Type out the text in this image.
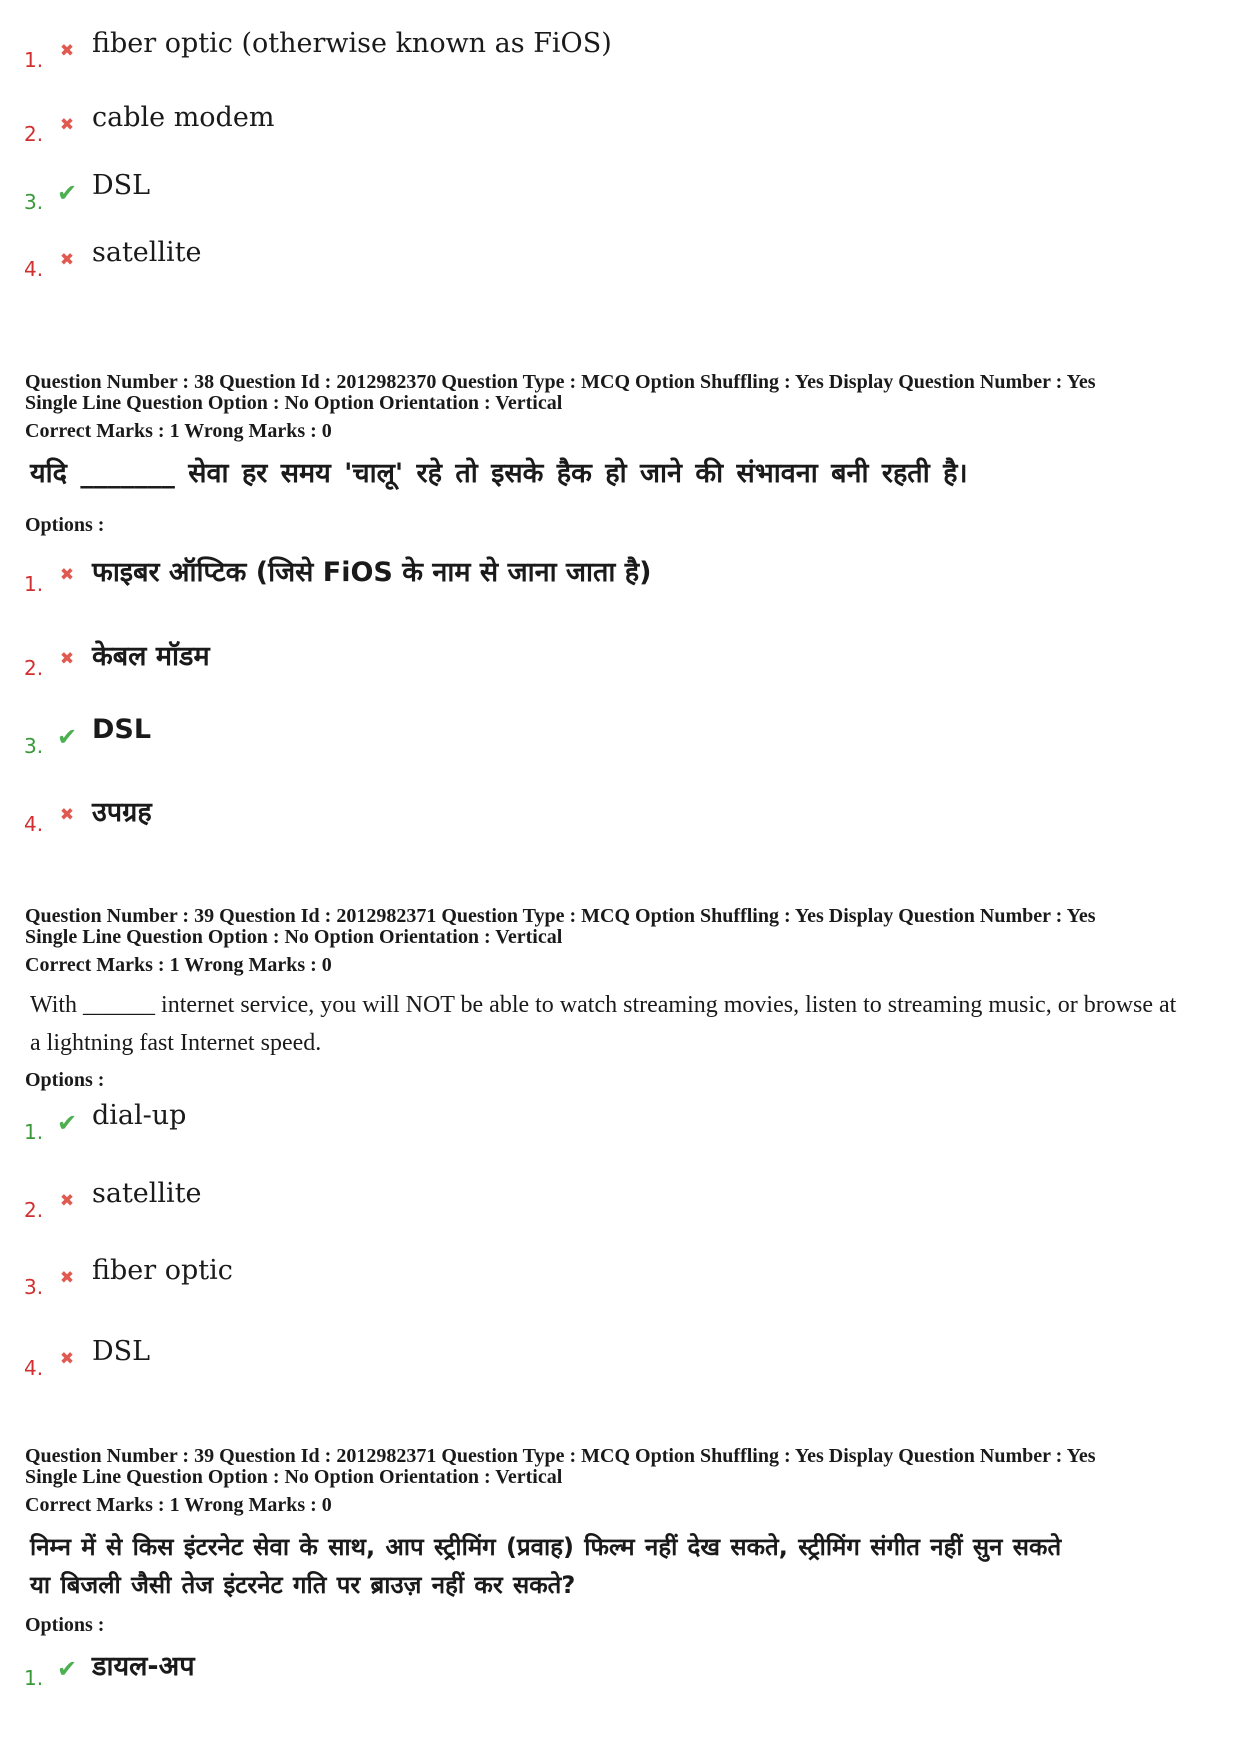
1. ✖ fiber optic (otherwise known as FiOS)
2. ✖ cable modem
3. ✔ DSL
4. ✖ satellite
Question Number : 38 Question Id : 2012982370 Question Type : MCQ Option Shuffling : Yes Display Question Number : Yes
Single Line Question Option : No Option Orientation : Vertical
Correct Marks : 1 Wrong Marks : 0
यदि _______ सेवा हर समय 'चालू' रहे तो इसके हैक हो जाने की संभावना बनी रहती है।
Options :
1. ✖ फाइबर ऑप्टिक (जिसे FiOS के नाम से जाना जाता है)
2. ✖ केबल मॉडम
3. ✔ DSL
4. ✖ उपग्रह
Question Number : 39 Question Id : 2012982371 Question Type : MCQ Option Shuffling : Yes Display Question Number : Yes
Single Line Question Option : No Option Orientation : Vertical
Correct Marks : 1 Wrong Marks : 0
With ______ internet service, you will NOT be able to watch streaming movies, listen to streaming music, or browse at
a lightning fast Internet speed.
Options :
1. ✔ dial-up
2. ✖ satellite
3. ✖ fiber optic
4. ✖ DSL
Question Number : 39 Question Id : 2012982371 Question Type : MCQ Option Shuffling : Yes Display Question Number : Yes
Single Line Question Option : No Option Orientation : Vertical
Correct Marks : 1 Wrong Marks : 0
निम्न में से किस इंटरनेट सेवा के साथ, आप स्ट्रीमिंग (प्रवाह) फिल्म नहीं देख सकते, स्ट्रीमिंग संगीत नहीं सुन सकते
या बिजली जैसी तेज इंटरनेट गति पर ब्राउज़ नहीं कर सकते?
Options :
1. ✔ डायल-अप
